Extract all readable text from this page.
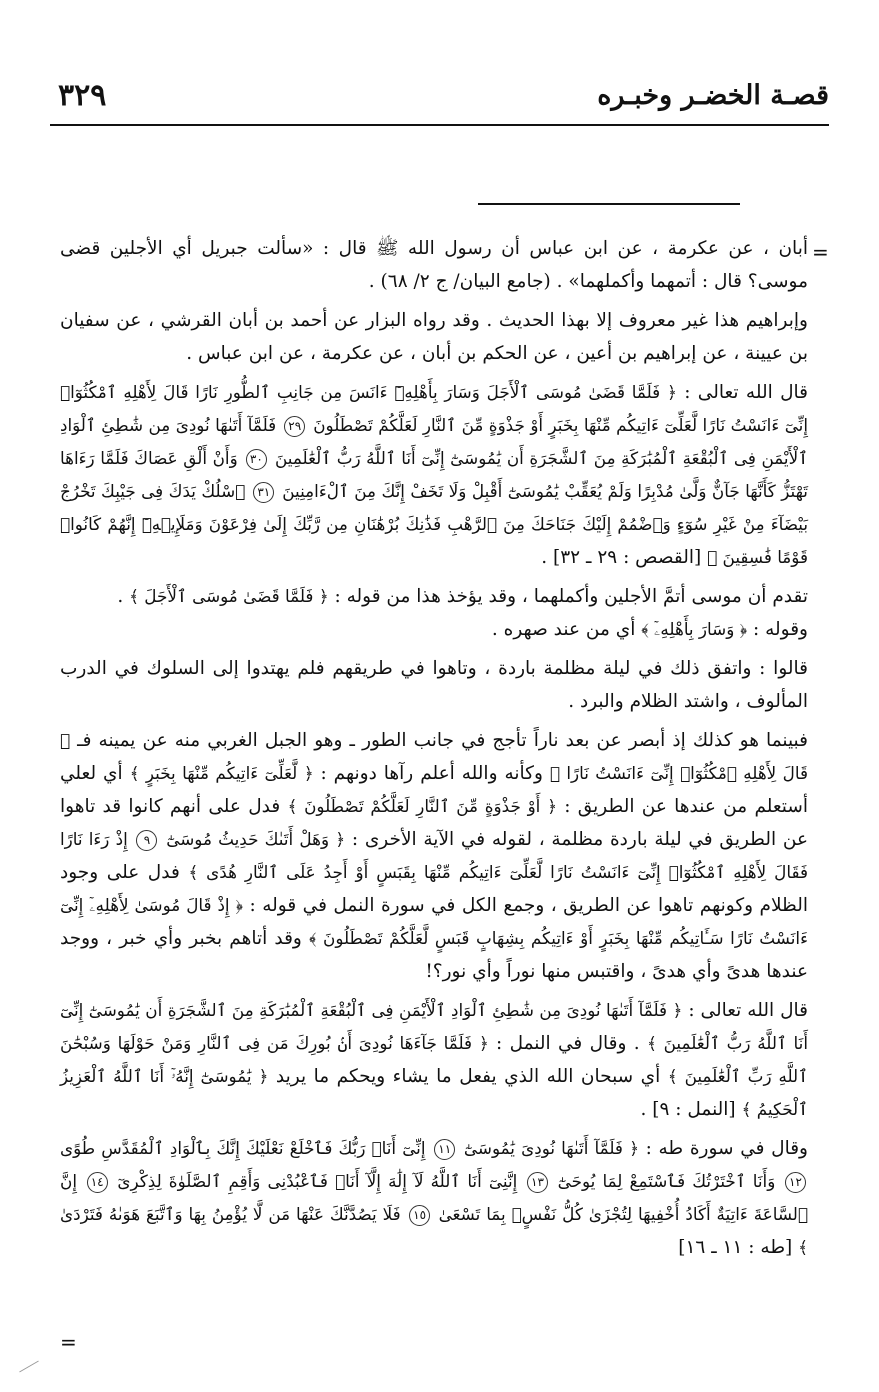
٣٢٩	قصـة الخضـر وخبـره
=
=

أبان ، عن عكرمة ، عن ابن عباس أن رسول الله ﷺ قال : «سألت جبريل أي الأجلين قضى موسى؟ قال : أتمهما وأكملهما» . (جامع البيان/ ج ٢/ ٦٨) .

وإبراهيم هذا غير معروف إلا بهذا الحديث . وقد رواه البزار عن أحمد بن أبان القرشي ، عن سفيان بن عيينة ، عن إبراهيم بن أعين ، عن الحكم بن أبان ، عن عكرمة ، عن ابن عباس .

قال الله تعالى : ﴿ فَلَمَّا قَضَىٰ مُوسَى ٱلْأَجَلَ وَسَارَ بِأَهْلِهِۦٓ ءَانَسَ مِن جَانِبِ ٱلطُّورِ نَارًا قَالَ لِأَهْلِهِ ٱمْكُثُوٓا۟ إِنِّىٓ ءَانَسْتُ نَارًا لَّعَلِّىٓ ءَاتِيكُم مِّنْهَا بِخَبَرٍ أَوْ جَذْوَةٍ مِّنَ ٱلنَّارِ لَعَلَّكُمْ تَصْطَلُونَ ٢٩ فَلَمَّآ أَتَىٰهَا نُودِىَ مِن شَٰطِئِ ٱلْوَادِ ٱلْأَيْمَنِ فِى ٱلْبُقْعَةِ ٱلْمُبَٰرَكَةِ مِنَ ٱلشَّجَرَةِ أَن يَٰمُوسَىٰٓ إِنِّىٓ أَنَا ٱللَّهُ رَبُّ ٱلْعَٰلَمِينَ ٣٠ وَأَنْ أَلْقِ عَصَاكَ فَلَمَّا رَءَاهَا تَهْتَزُّ كَأَنَّهَا جَآنٌّ وَلَّىٰ مُدْبِرًا وَلَمْ يُعَقِّبْ يَٰمُوسَىٰٓ أَقْبِلْ وَلَا تَخَفْ إِنَّكَ مِنَ ٱلْءَامِنِينَ ٣١ ٱسْلُكْ يَدَكَ فِى جَيْبِكَ تَخْرُجْ بَيْضَآءَ مِنْ غَيْرِ سُوٓءٍ وَٱضْمُمْ إِلَيْكَ جَنَاحَكَ مِنَ ٱلرَّهْبِ فَذَٰنِكَ بُرْهَٰنَانِ مِن رَّبِّكَ إِلَىٰ فِرْعَوْنَ وَمَلَإِي۟هِۦٓ إِنَّهُمْ كَانُوا۟ قَوْمًا فَٰسِقِينَ ﴾ [القصص : ٢٩ ـ ٣٢] .

تقدم أن موسى أتمَّ الأجلين وأكملهما ، وقد يؤخذ هذا من قوله : ﴿ فَلَمَّا قَضَىٰ مُوسَى ٱلْأَجَلَ ﴾ .
وقوله : ﴿ وَسَارَ بِأَهْلِهِۦٓ ﴾ أي من عند صهره .

قالوا : واتفق ذلك في ليلة مظلمة باردة ، وتاهوا في طريقهم فلم يهتدوا إلى السلوك في الدرب المألوف ، واشتد الظلام والبرد .

فبينما هو كذلك إذ أبصر عن بعد ناراً تأجج في جانب الطور ـ وهو الجبل الغربي منه عن يمينه فـ ﴿ قَالَ لِأَهْلِهِ ٱمْكُثُوٓا۟ إِنِّىٓ ءَانَسْتُ نَارًا ﴾ وكأنه والله أعلم رآها دونهم : ﴿ لَّعَلِّىٓ ءَاتِيكُم مِّنْهَا بِخَبَرٍ ﴾ أي لعلي أستعلم من عندها عن الطريق : ﴿ أَوْ جَذْوَةٍ مِّنَ ٱلنَّارِ لَعَلَّكُمْ تَصْطَلُونَ ﴾ فدل على أنهم كانوا قد تاهوا عن الطريق في ليلة باردة مظلمة ، لقوله في الآية الأخرى : ﴿ وَهَلْ أَتَىٰكَ حَدِيثُ مُوسَىٰٓ ٩ إِذْ رَءَا نَارًا فَقَالَ لِأَهْلِهِ ٱمْكُثُوٓا۟ إِنِّىٓ ءَانَسْتُ نَارًا لَّعَلِّىٓ ءَاتِيكُم مِّنْهَا بِقَبَسٍ أَوْ أَجِدُ عَلَى ٱلنَّارِ هُدًى ﴾ فدل على وجود الظلام وكونهم تاهوا عن الطريق ، وجمع الكل في سورة النمل في قوله : ﴿ إِذْ قَالَ مُوسَىٰ لِأَهْلِهِۦٓ إِنِّىٓ ءَانَسْتُ نَارًا سَـَٔاتِيكُم مِّنْهَا بِخَبَرٍ أَوْ ءَاتِيكُم بِشِهَابٍ قَبَسٍ لَّعَلَّكُمْ تَصْطَلُونَ ﴾ وقد أتاهم بخبر وأي خبر ، ووجد عندها هدىً وأي هدىً ، واقتبس منها نوراً وأي نور؟!

قال الله تعالى : ﴿ فَلَمَّآ أَتَىٰهَا نُودِىَ مِن شَٰطِئِ ٱلْوَادِ ٱلْأَيْمَنِ فِى ٱلْبُقْعَةِ ٱلْمُبَٰرَكَةِ مِنَ ٱلشَّجَرَةِ أَن يَٰمُوسَىٰٓ إِنِّىٓ أَنَا ٱللَّهُ رَبُّ ٱلْعَٰلَمِينَ ﴾ . وقال في النمل : ﴿ فَلَمَّا جَآءَهَا نُودِىَ أَنۢ بُورِكَ مَن فِى ٱلنَّارِ وَمَنْ حَوْلَهَا وَسُبْحَٰنَ ٱللَّهِ رَبِّ ٱلْعَٰلَمِينَ ﴾ أي سبحان الله الذي يفعل ما يشاء ويحكم ما يريد ﴿ يَٰمُوسَىٰٓ إِنَّهُۥٓ أَنَا ٱللَّهُ ٱلْعَزِيزُ ٱلْحَكِيمُ ﴾ [النمل : ٩] .

وقال في سورة طه : ﴿ فَلَمَّآ أَتَىٰهَا نُودِىَ يَٰمُوسَىٰٓ ١١ إِنِّىٓ أَنَا۠ رَبُّكَ فَٱخْلَعْ نَعْلَيْكَ إِنَّكَ بِٱلْوَادِ ٱلْمُقَدَّسِ طُوًى ١٢ وَأَنَا ٱخْتَرْتُكَ فَٱسْتَمِعْ لِمَا يُوحَىٰٓ ١٣ إِنَّنِىٓ أَنَا ٱللَّهُ لَآ إِلَٰهَ إِلَّآ أَنَا۠ فَٱعْبُدْنِى وَأَقِمِ ٱلصَّلَوٰةَ لِذِكْرِىٓ ١٤ إِنَّ ٱلسَّاعَةَ ءَاتِيَةٌ أَكَادُ أُخْفِيهَا لِتُجْزَىٰ كُلُّ نَفْسٍۭ بِمَا تَسْعَىٰ ١٥ فَلَا يَصُدَّنَّكَ عَنْهَا مَن لَّا يُؤْمِنُ بِهَا وَٱتَّبَعَ هَوَىٰهُ فَتَرْدَىٰ ﴾ [طه : ١١ ـ ١٦]
